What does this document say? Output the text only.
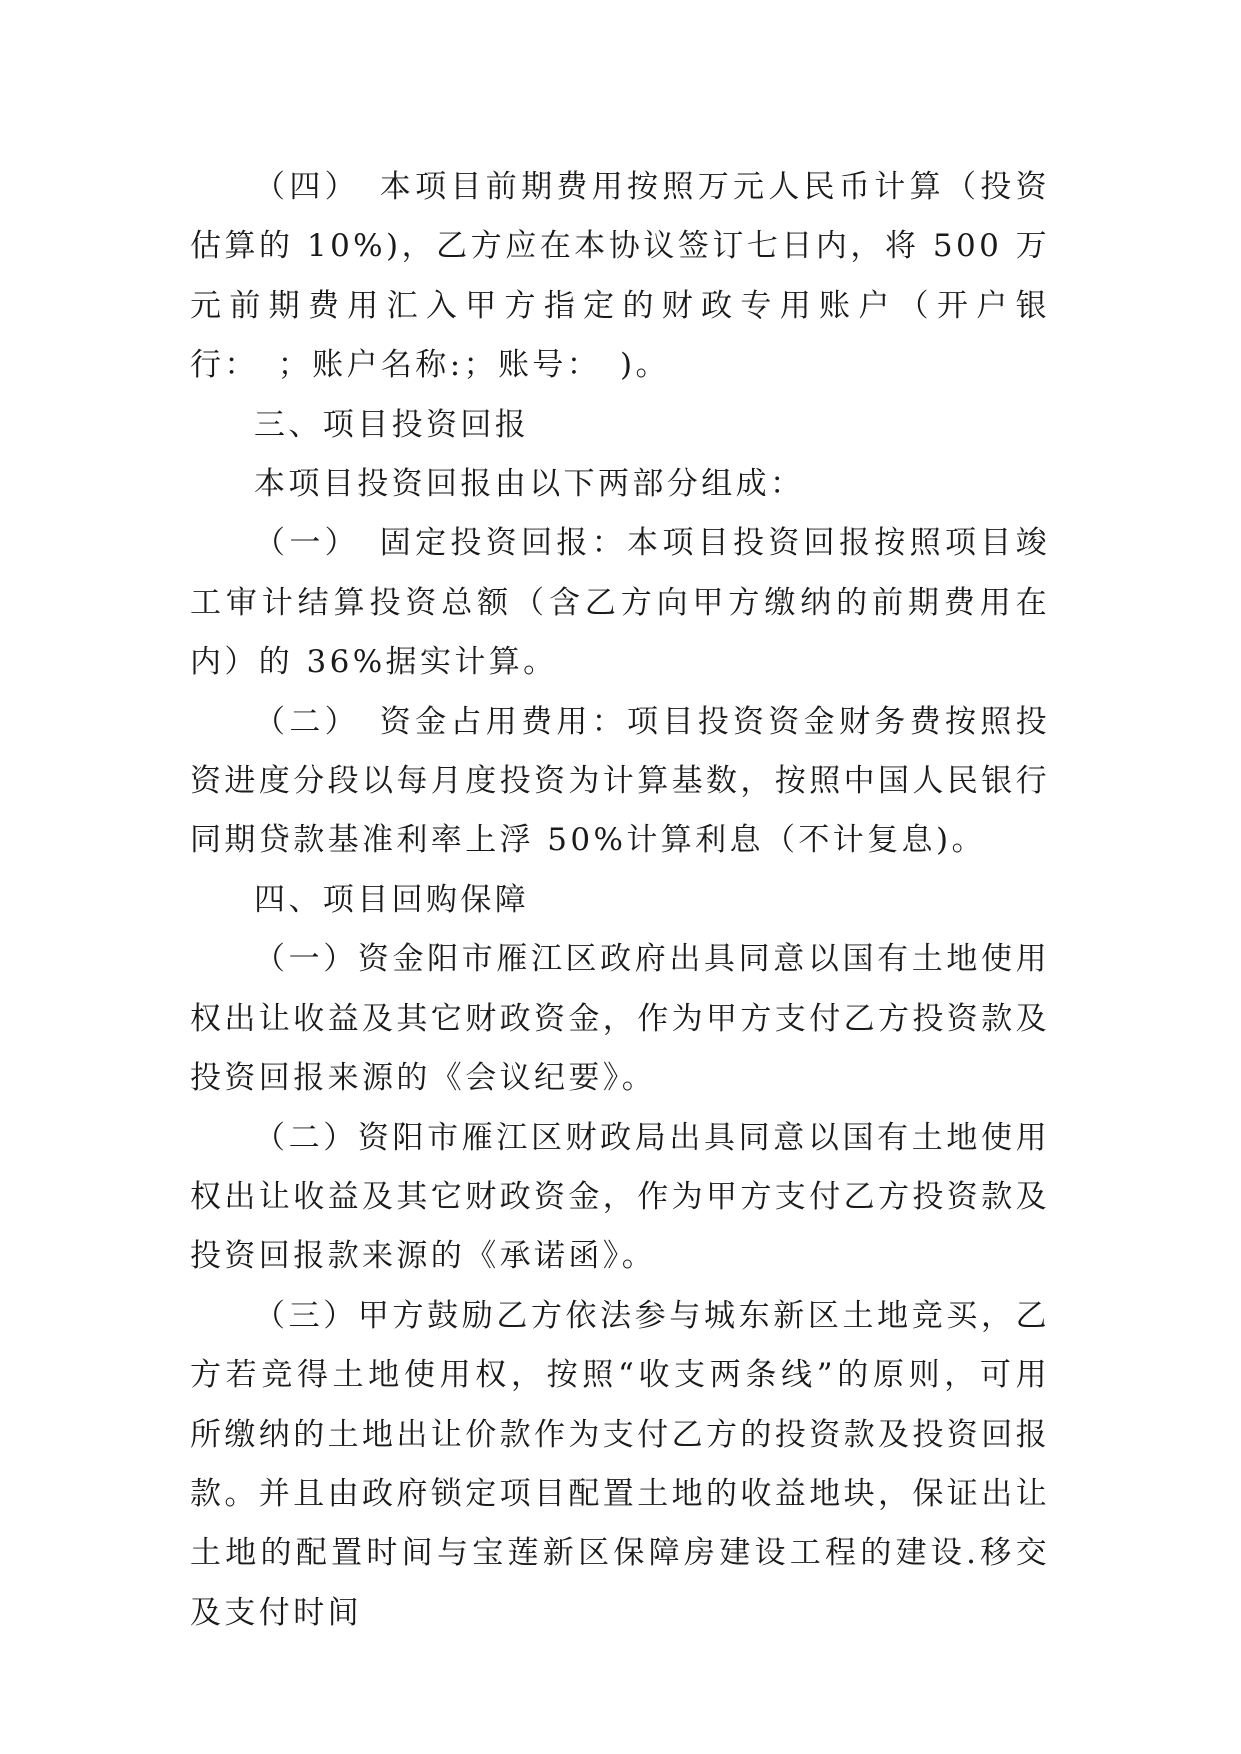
（四）　本项目前期费用按照万元人民币计算（投资估算的 10%)，乙方应在本协议签订七日内，将 500 万元前期费用汇入甲方指定的财政专用账户（开户银行：　；账户名称:；账号：　)。

三、项目投资回报

本项目投资回报由以下两部分组成：

（一）　固定投资回报：本项目投资回报按照项目竣工审计结算投资总额（含乙方向甲方缴纳的前期费用在内）的 36%据实计算。

（二）　资金占用费用：项目投资资金财务费按照投资进度分段以每月度投资为计算基数，按照中国人民银行同期贷款基准利率上浮 50%计算利息（不计复息)。

四、项目回购保障

（一）资金阳市雁江区政府出具同意以国有土地使用权出让收益及其它财政资金，作为甲方支付乙方投资款及投资回报来源的《会议纪要》。

（二）资阳市雁江区财政局出具同意以国有土地使用权出让收益及其它财政资金，作为甲方支付乙方投资款及投资回报款来源的《承诺函》。

（三）甲方鼓励乙方依法参与城东新区土地竞买，乙方若竞得土地使用权，按照“收支两条线”的原则，可用所缴纳的土地出让价款作为支付乙方的投资款及投资回报款。并且由政府锁定项目配置土地的收益地块，保证出让土地的配置时间与宝莲新区保障房建设工程的建设.移交及支付时间
